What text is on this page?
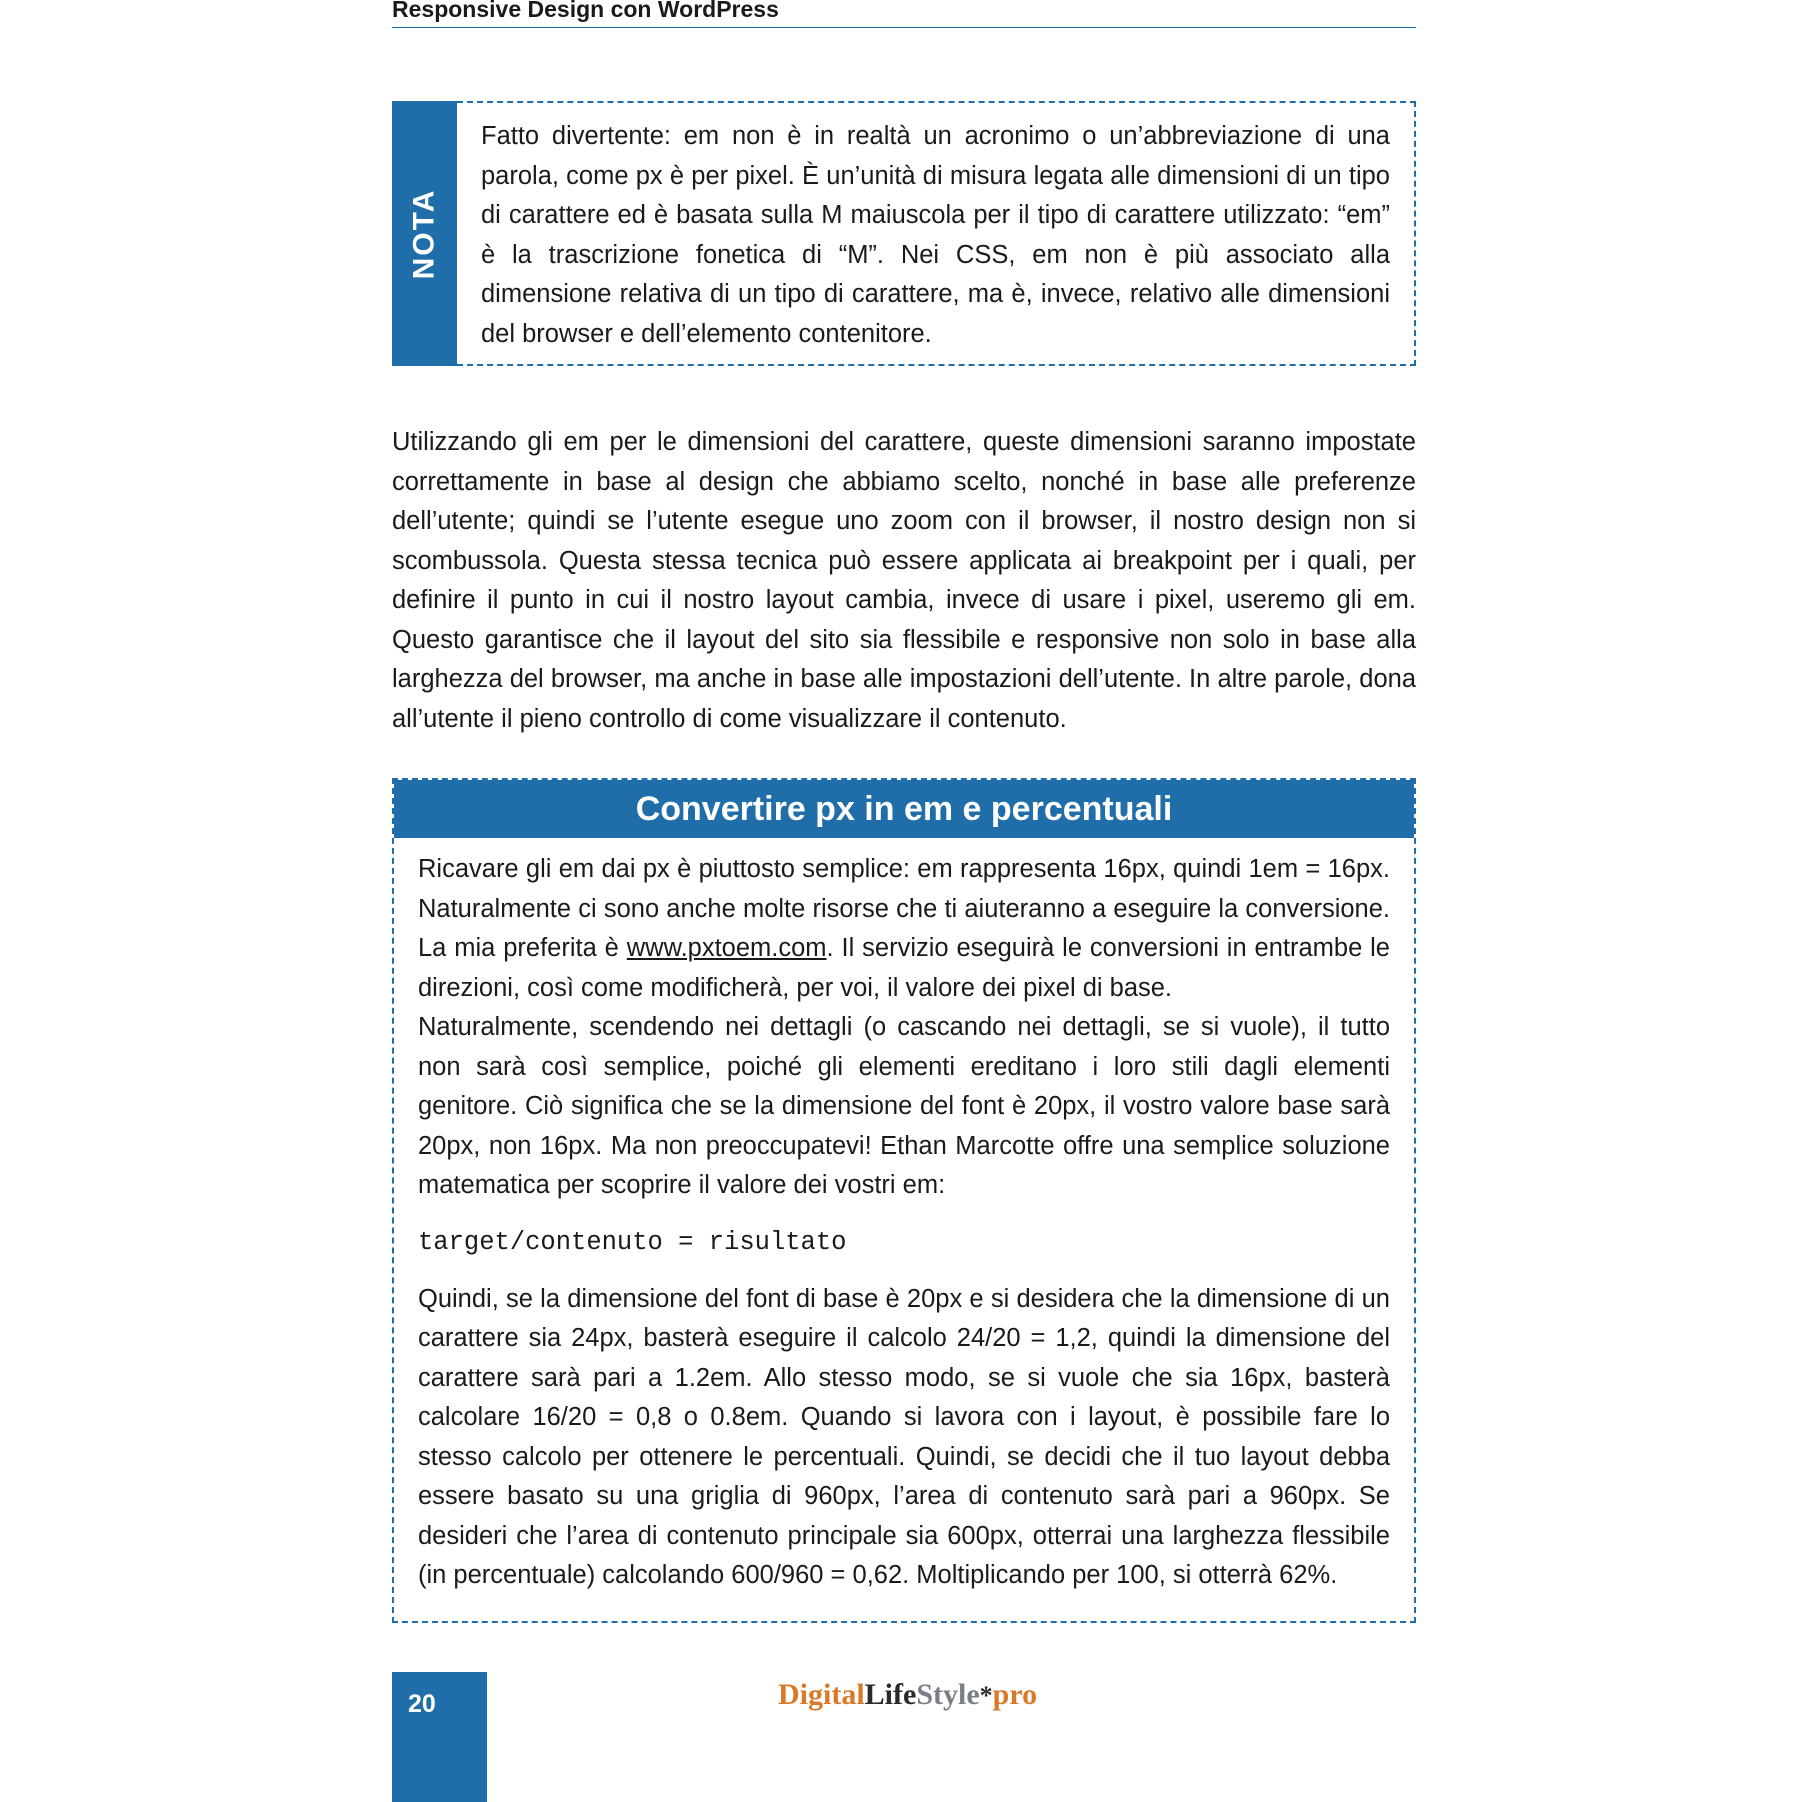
Responsive Design con WordPress
NOTA
Fatto divertente: em non è in realtà un acronimo o un’abbreviazione di una parola, come px è per pixel. È un’unità di misura legata alle dimensioni di un tipo di carattere ed è basata sulla M maiuscola per il tipo di carattere utilizzato: “em” è la trascrizione fonetica di “M”. Nei CSS, em non è più associato alla dimensione relativa di un tipo di carattere, ma è, invece, relativo alle dimensioni del browser e dell’elemento contenitore.

Utilizzando gli em per le dimensioni del carattere, queste dimensioni saranno impostate correttamente in base al design che abbiamo scelto, nonché in base alle preferenze dell’utente; quindi se l’utente esegue uno zoom con il browser, il nostro design non si scombussola. Questa stessa tecnica può essere applicata ai breakpoint per i quali, per definire il punto in cui il nostro layout cambia, invece di usare i pixel, useremo gli em. Questo garantisce che il layout del sito sia flessibile e responsive non solo in base alla larghezza del browser, ma anche in base alle impostazioni dell’utente. In altre parole, dona all’utente il pieno controllo di come visualizzare il contenuto.

Convertire px in em e percentuali

Ricavare gli em dai px è piuttosto semplice: em rappresenta 16px, quindi 1em = 16px. Naturalmente ci sono anche molte risorse che ti aiuteranno a eseguire la conversione. La mia preferita è www.pxtoem.com. Il servizio eseguirà le conversioni in entrambe le direzioni, così come modificherà, per voi, il valore dei pixel di base.

Naturalmente, scendendo nei dettagli (o cascando nei dettagli, se si vuole), il tutto non sarà così semplice, poiché gli elementi ereditano i loro stili dagli elementi genitore. Ciò significa che se la dimensione del font è 20px, il vostro valore base sarà 20px, non 16px. Ma non preoccupatevi! Ethan Marcotte offre una semplice soluzione matematica per scoprire il valore dei vostri em:

target/contenuto = risultato

Quindi, se la dimensione del font di base è 20px e si desidera che la dimensione di un carattere sia 24px, basterà eseguire il calcolo 24/20 = 1,2, quindi la dimensione del carattere sarà pari a 1.2em. Allo stesso modo, se si vuole che sia 16px, basterà calcolare 16/20 = 0,8 o 0.8em. Quando si lavora con i layout, è possibile fare lo stesso calcolo per ottenere le percentuali. Quindi, se decidi che il tuo layout debba essere basato su una griglia di 960px, l’area di contenuto sarà pari a 960px. Se desideri che l’area di contenuto principale sia 600px, otterrai una larghezza flessibile (in percentuale) calcolando 600/960 = 0,62. Moltiplicando per 100, si otterrà 62%.

20	DigitalLifeStyle*pro
